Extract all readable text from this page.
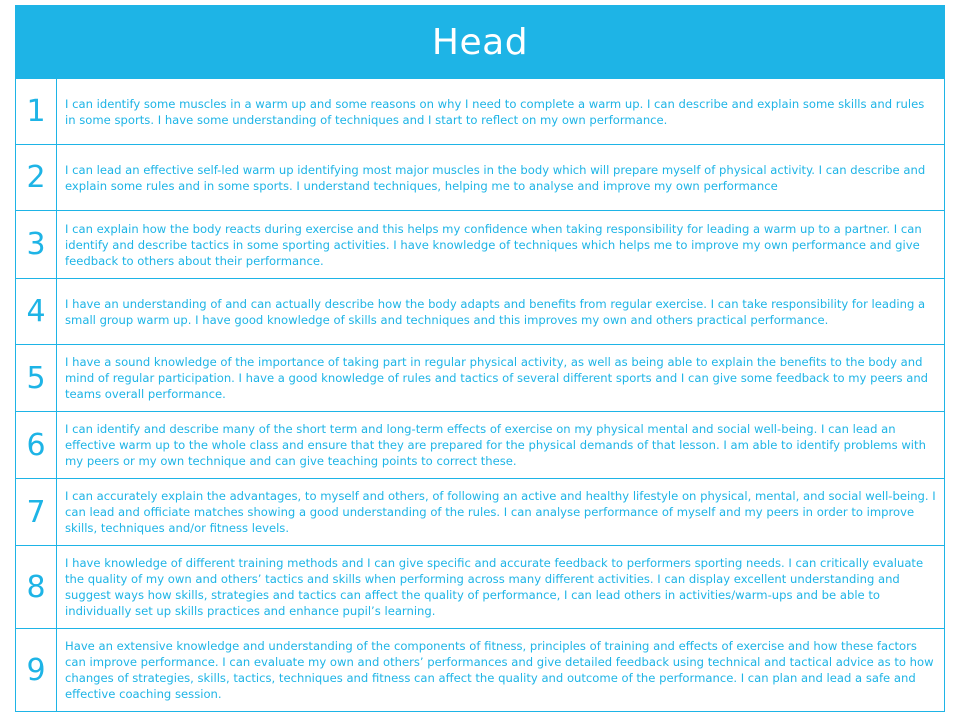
Head	
1	I can identify some muscles in a warm up and some reasons on why I need to complete a warm up. I can describe and explain some skills and rules in some sports. I have some understanding of techniques and I start to reflect on my own performance.
2	I can lead an effective self-led warm up identifying most major muscles in the body which will prepare myself of physical activity. I can describe and explain some rules and in some sports. I understand techniques, helping me to analyse and improve my own performance
3	I can explain how the body reacts during exercise and this helps my confidence when taking responsibility for leading a warm up to a partner. I can identify and describe tactics in some sporting activities. I have knowledge of techniques which helps me to improve my own performance and give feedback to others about their performance.
4	I have an understanding of and can actually describe how the body adapts and benefits from regular exercise. I can take responsibility for leading a small group warm up. I have good knowledge of skills and techniques and this improves my own and others practical performance.
5	I have a sound knowledge of the importance of taking part in regular physical activity, as well as being able to explain the benefits to the body and mind of regular participation. I have a good knowledge of rules and tactics of several different sports and I can give some feedback to my peers and teams overall performance.
6	I can identify and describe many of the short term and long-term effects of exercise on my physical mental and social well-being. I can lead an effective warm up to the whole class and ensure that they are prepared for the physical demands of that lesson. I am able to identify problems with my peers or my own technique and can give teaching points to correct these.
7	I can accurately explain the advantages, to myself and others, of following an active and healthy lifestyle on physical, mental, and social well-being. I can lead and officiate matches showing a good understanding of the rules. I can analyse performance of myself and my peers in order to improve skills, techniques and/or fitness levels.
8	I have knowledge of different training methods and I can give specific and accurate feedback to performers sporting needs. I can critically evaluate the quality of my own and others’ tactics and skills when performing across many different activities. I can display excellent understanding and suggest ways how skills, strategies and tactics can affect the quality of performance, I can lead others in activities/warm-ups and be able to individually set up skills practices and enhance pupil’s learning.
9	Have an extensive knowledge and understanding of the components of fitness, principles of training and effects of exercise and how these factors can improve performance. I can evaluate my own and others’ performances and give detailed feedback using technical and tactical advice as to how changes of strategies, skills, tactics, techniques and fitness can affect the quality and outcome of the performance. I can plan and lead a safe and effective coaching session.
